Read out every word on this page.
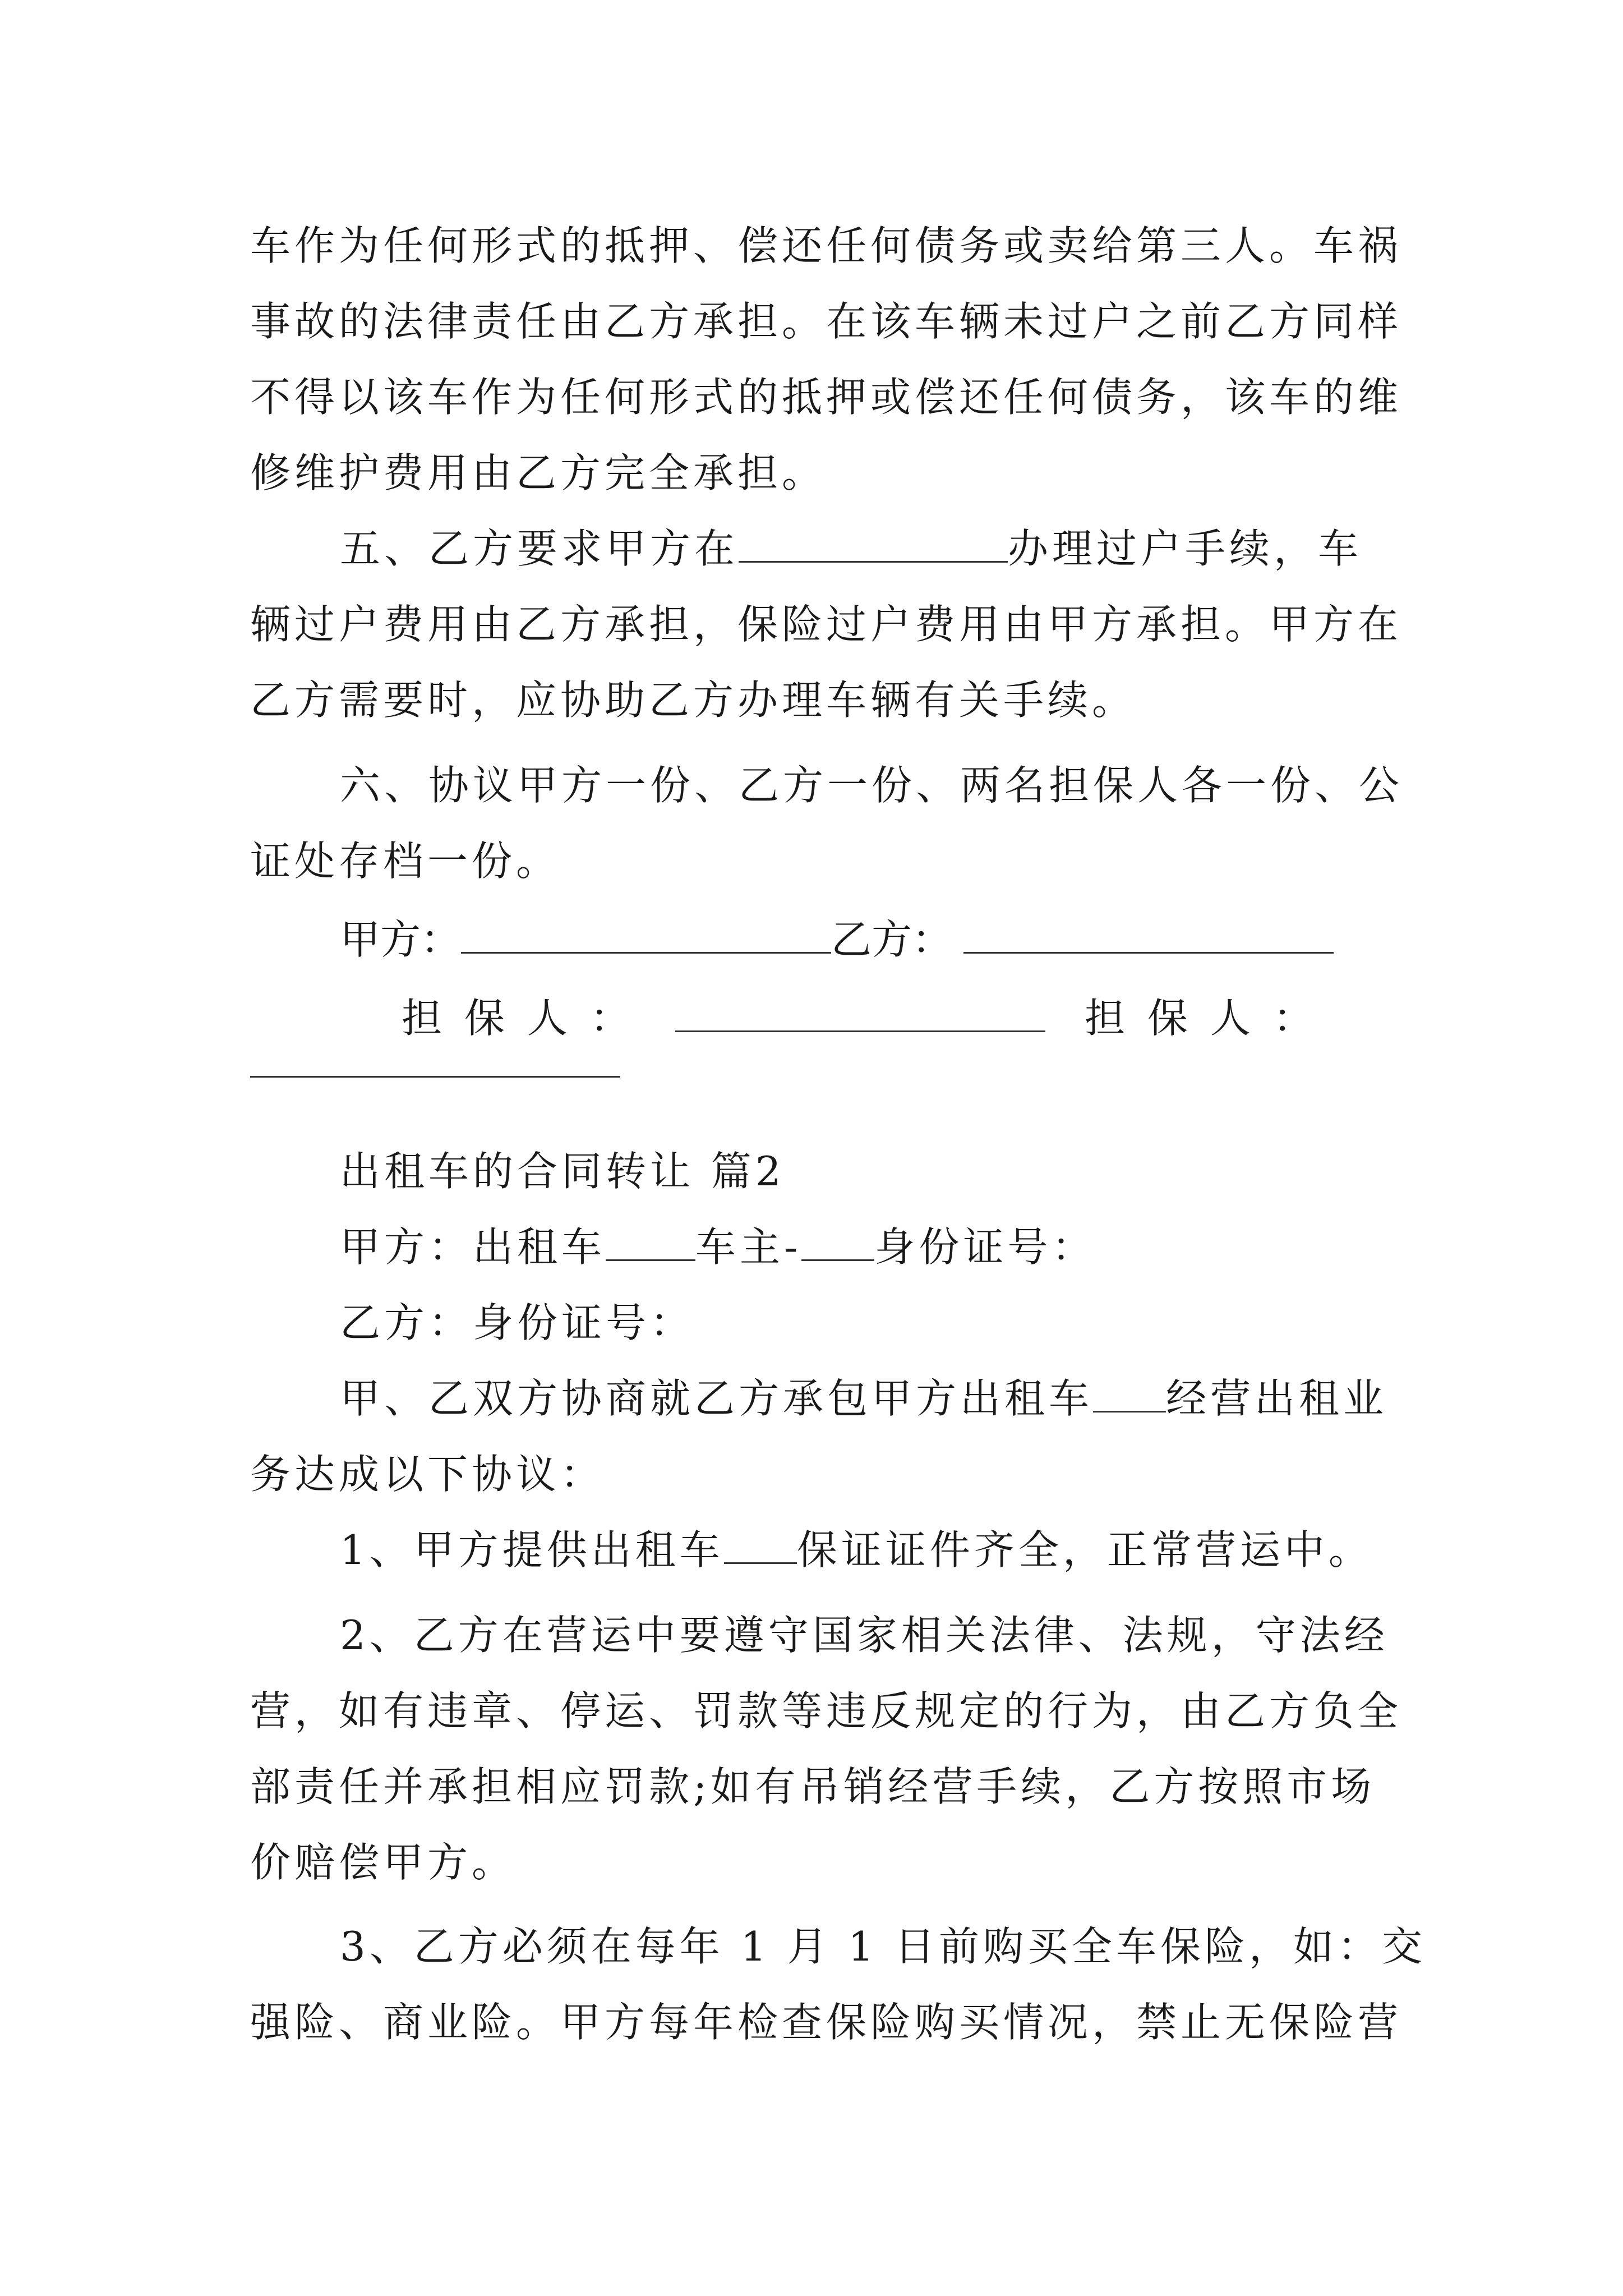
车作为任何形式的抵押、偿还任何债务或卖给第三人。车祸
事故的法律责任由乙方承担。在该车辆未过户之前乙方同样
不得以该车作为任何形式的抵押或偿还任何债务，该车的维
修维护费用由乙方完全承担。
五、乙方要求甲方在	办理过户手续，车
辆过户费用由乙方承担，保险过户费用由甲方承担。甲方在
乙方需要时，应协助乙方办理车辆有关手续。
六、协议甲方一份、乙方一份、两名担保人各一份、公
证处存档一份。
甲方：	乙方：
担保人：	担保人：
出租车的合同转让 篇2
甲方：出租车 车主- 身份证号：
乙方：身份证号：
甲、乙双方协商就乙方承包甲方出租车 经营出租业
务达成以下协议：
1、甲方提供出租车 保证证件齐全，正常营运中。
2、乙方在营运中要遵守国家相关法律、法规，守法经
营，如有违章、停运、罚款等违反规定的行为，由乙方负全
部责任并承担相应罚款;如有吊销经营手续，乙方按照市场
价赔偿甲方。
3、乙方必须在每年 1 月 1 日前购买全车保险，如：交
强险、商业险。甲方每年检查保险购买情况，禁止无保险营
